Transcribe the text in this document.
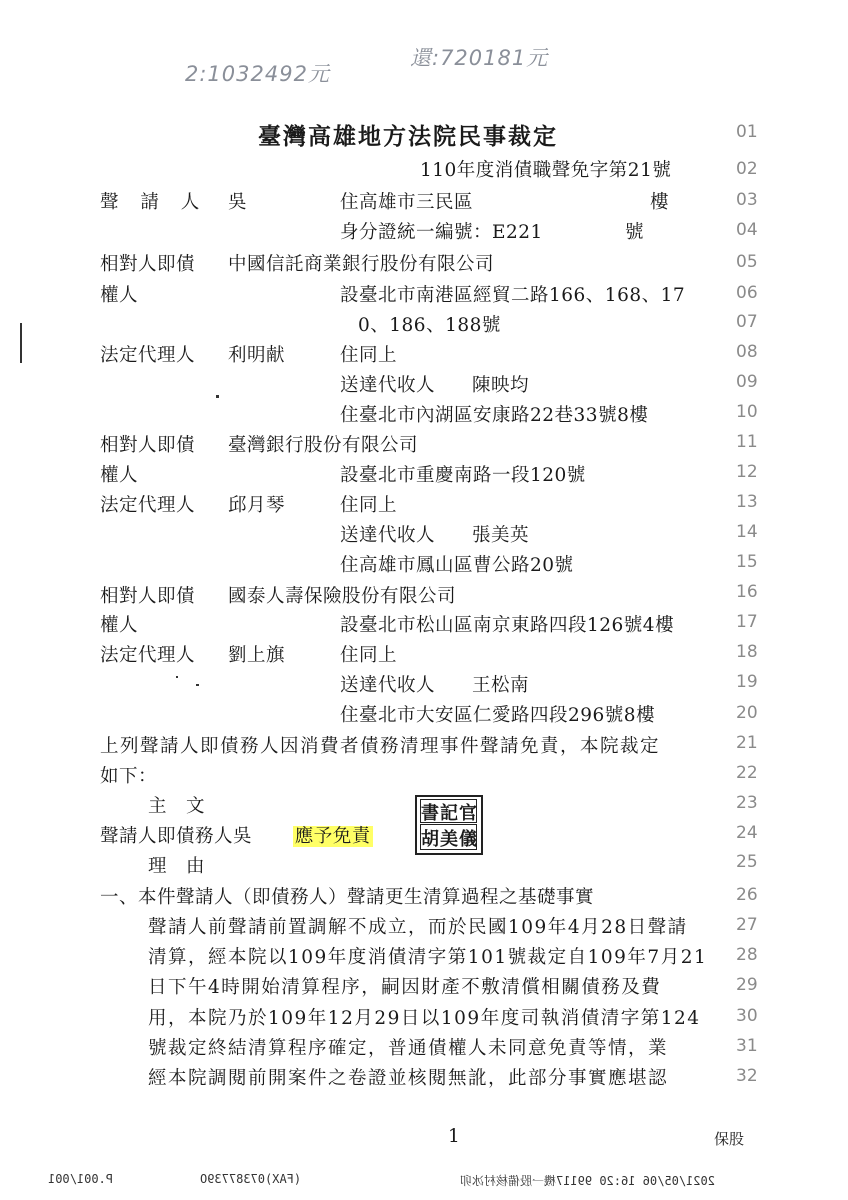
2:1032492元
還:720181元
臺灣高雄地方法院民事裁定
110年度消債職聲免字第21號
01
02
03
04
05
06
07
08
09
10
11
12
13
14
15
16
17
18
19
20
21
22
23
24
25
26
27
28
29
30
31
32
聲 請 人 吳	住高雄市三民區	樓
身分證統一編號：E221	號
相對人即債 中國信託商業銀行股份有限公司
權人	設臺北市南港區經貿二路166、168、17
0、186、188號
法定代理人 利明献	住同上
送達代收人 陳映均
住臺北市內湖區安康路22巷33號8樓
相對人即債 臺灣銀行股份有限公司
權人	設臺北市重慶南路一段120號
法定代理人 邱月琴	住同上
送達代收人 張美英
住高雄市鳳山區曹公路20號
相對人即債 國泰人壽保險股份有限公司
權人	設臺北市松山區南京東路四段126號4樓
法定代理人 劉上旗	住同上
送達代收人 王松南
住臺北市大安區仁愛路四段296號8樓
上列聲請人即債務人因消費者債務清理事件聲請免責，本院裁定
如下：
主　文
聲請人即債務人吳 應予免責
書記官
胡美儀
理　由
一、本件聲請人（即債務人）聲請更生清算過程之基礎事實
聲請人前聲請前置調解不成立，而於民國109年4月28日聲請
清算，經本院以109年度消債清字第101號裁定自109年7月21
日下午4時開始清算程序，嗣因財產不敷清償相關債務及費
用，本院乃於109年12月29日以109年度司執消債清字第124
號裁定終結清算程序確定，普通債權人未同意免責等情，業
經本院調閱前開案件之卷證並核閱無訛，此部分事實應堪認
1	保股
P.001/001	(FAX)07387739O	2021/05/06 16:20 99117機一股備核村冰卯
